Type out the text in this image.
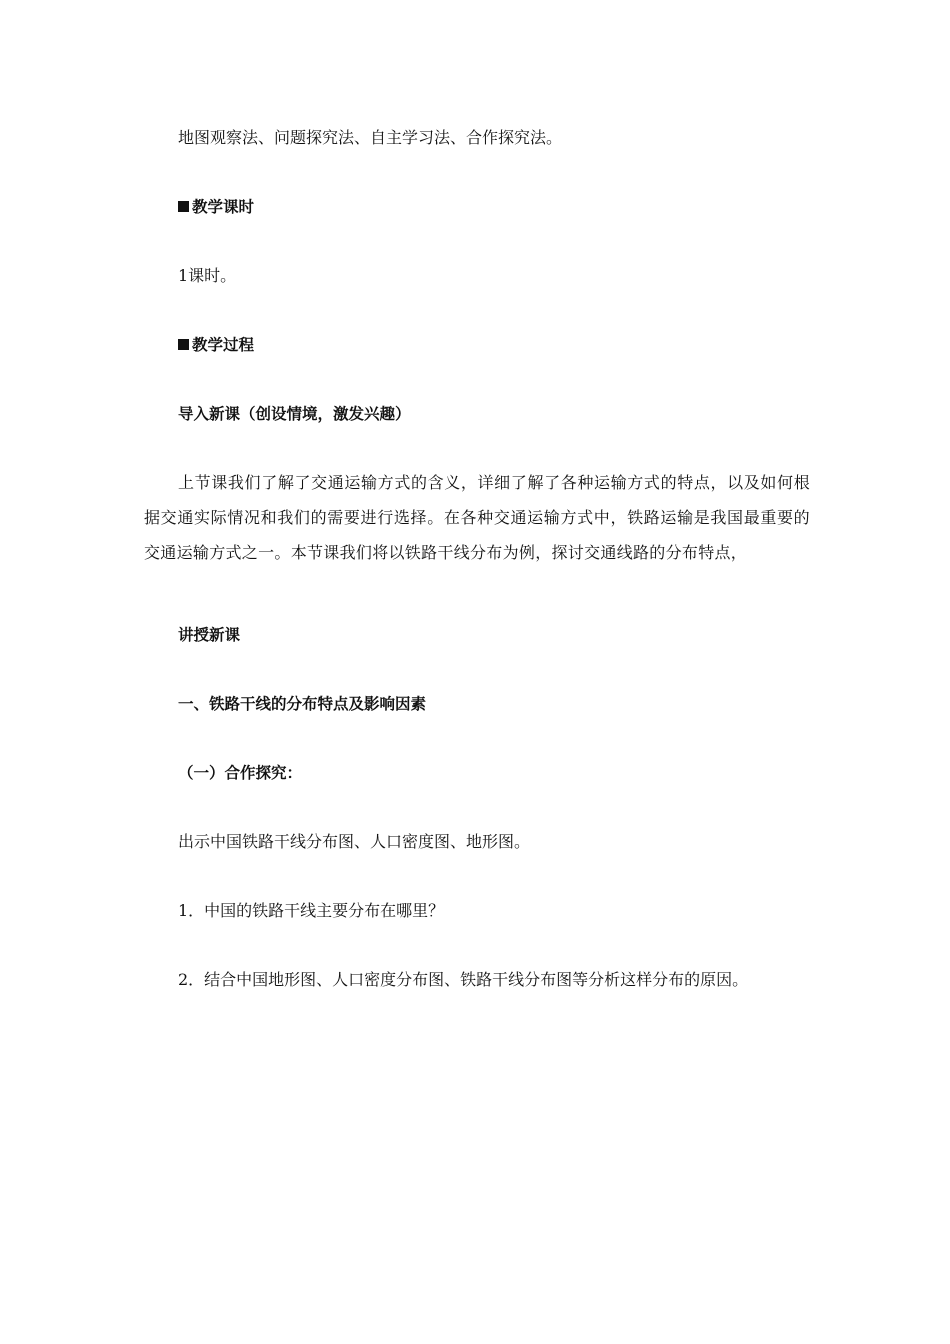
地图观察法、问题探究法、自主学习法、合作探究法。
教学课时
1课时。
教学过程
导入新课（创设情境，激发兴趣）
上节课我们了解了交通运输方式的含义，详细了解了各种运输方式的特点，以及如何根据交通实际情况和我们的需要进行选择。在各种交通运输方式中，铁路运输是我国最重要的交通运输方式之一。本节课我们将以铁路干线分布为例，探讨交通线路的分布特点，
讲授新课
一、铁路干线的分布特点及影响因素
（一）合作探究：
出示中国铁路干线分布图、人口密度图、地形图。
1．中国的铁路干线主要分布在哪里？
2．结合中国地形图、人口密度分布图、铁路干线分布图等分析这样分布的原因。
